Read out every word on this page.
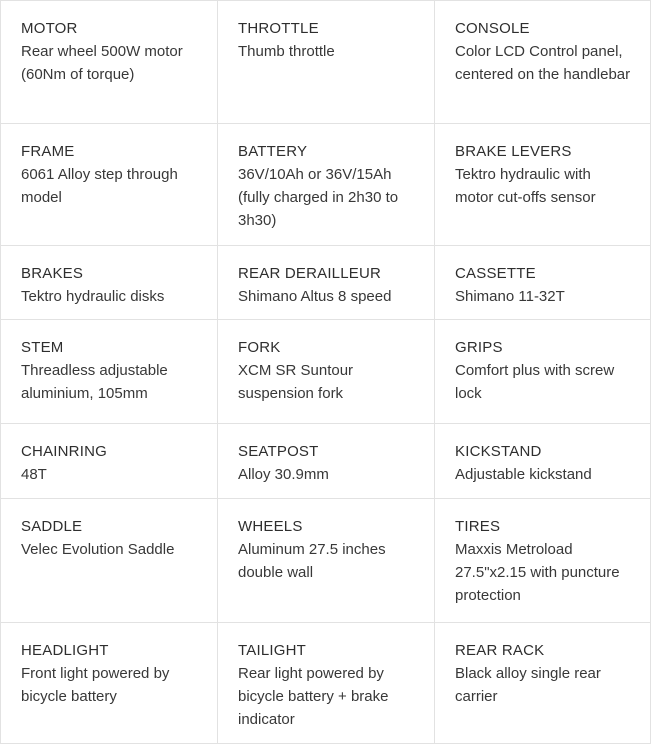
MOTOR
Rear wheel 500W motor (60Nm of torque)
THROTTLE
Thumb throttle
CONSOLE
Color LCD Control panel, centered on the handlebar
FRAME
6061 Alloy step through model
BATTERY
36V/10Ah or 36V/15Ah (fully charged in 2h30 to 3h30)
BRAKE LEVERS
Tektro hydraulic with motor cut-offs sensor
BRAKES
Tektro hydraulic disks
REAR DERAILLEUR
Shimano Altus 8 speed
CASSETTE
Shimano 11-32T
STEM
Threadless adjustable aluminium, 105mm
FORK
XCM SR Suntour suspension fork
GRIPS
Comfort plus with screw lock
CHAINRING
48T
SEATPOST
Alloy 30.9mm
KICKSTAND
Adjustable kickstand
SADDLE
Velec Evolution Saddle
WHEELS
Aluminum 27.5 inches double wall
TIRES
Maxxis Metroload 27.5"x2.15 with puncture protection
HEADLIGHT
Front light powered by bicycle battery
TAILIGHT
Rear light powered by bicycle battery + brake indicator
REAR RACK
Black alloy single rear carrier
